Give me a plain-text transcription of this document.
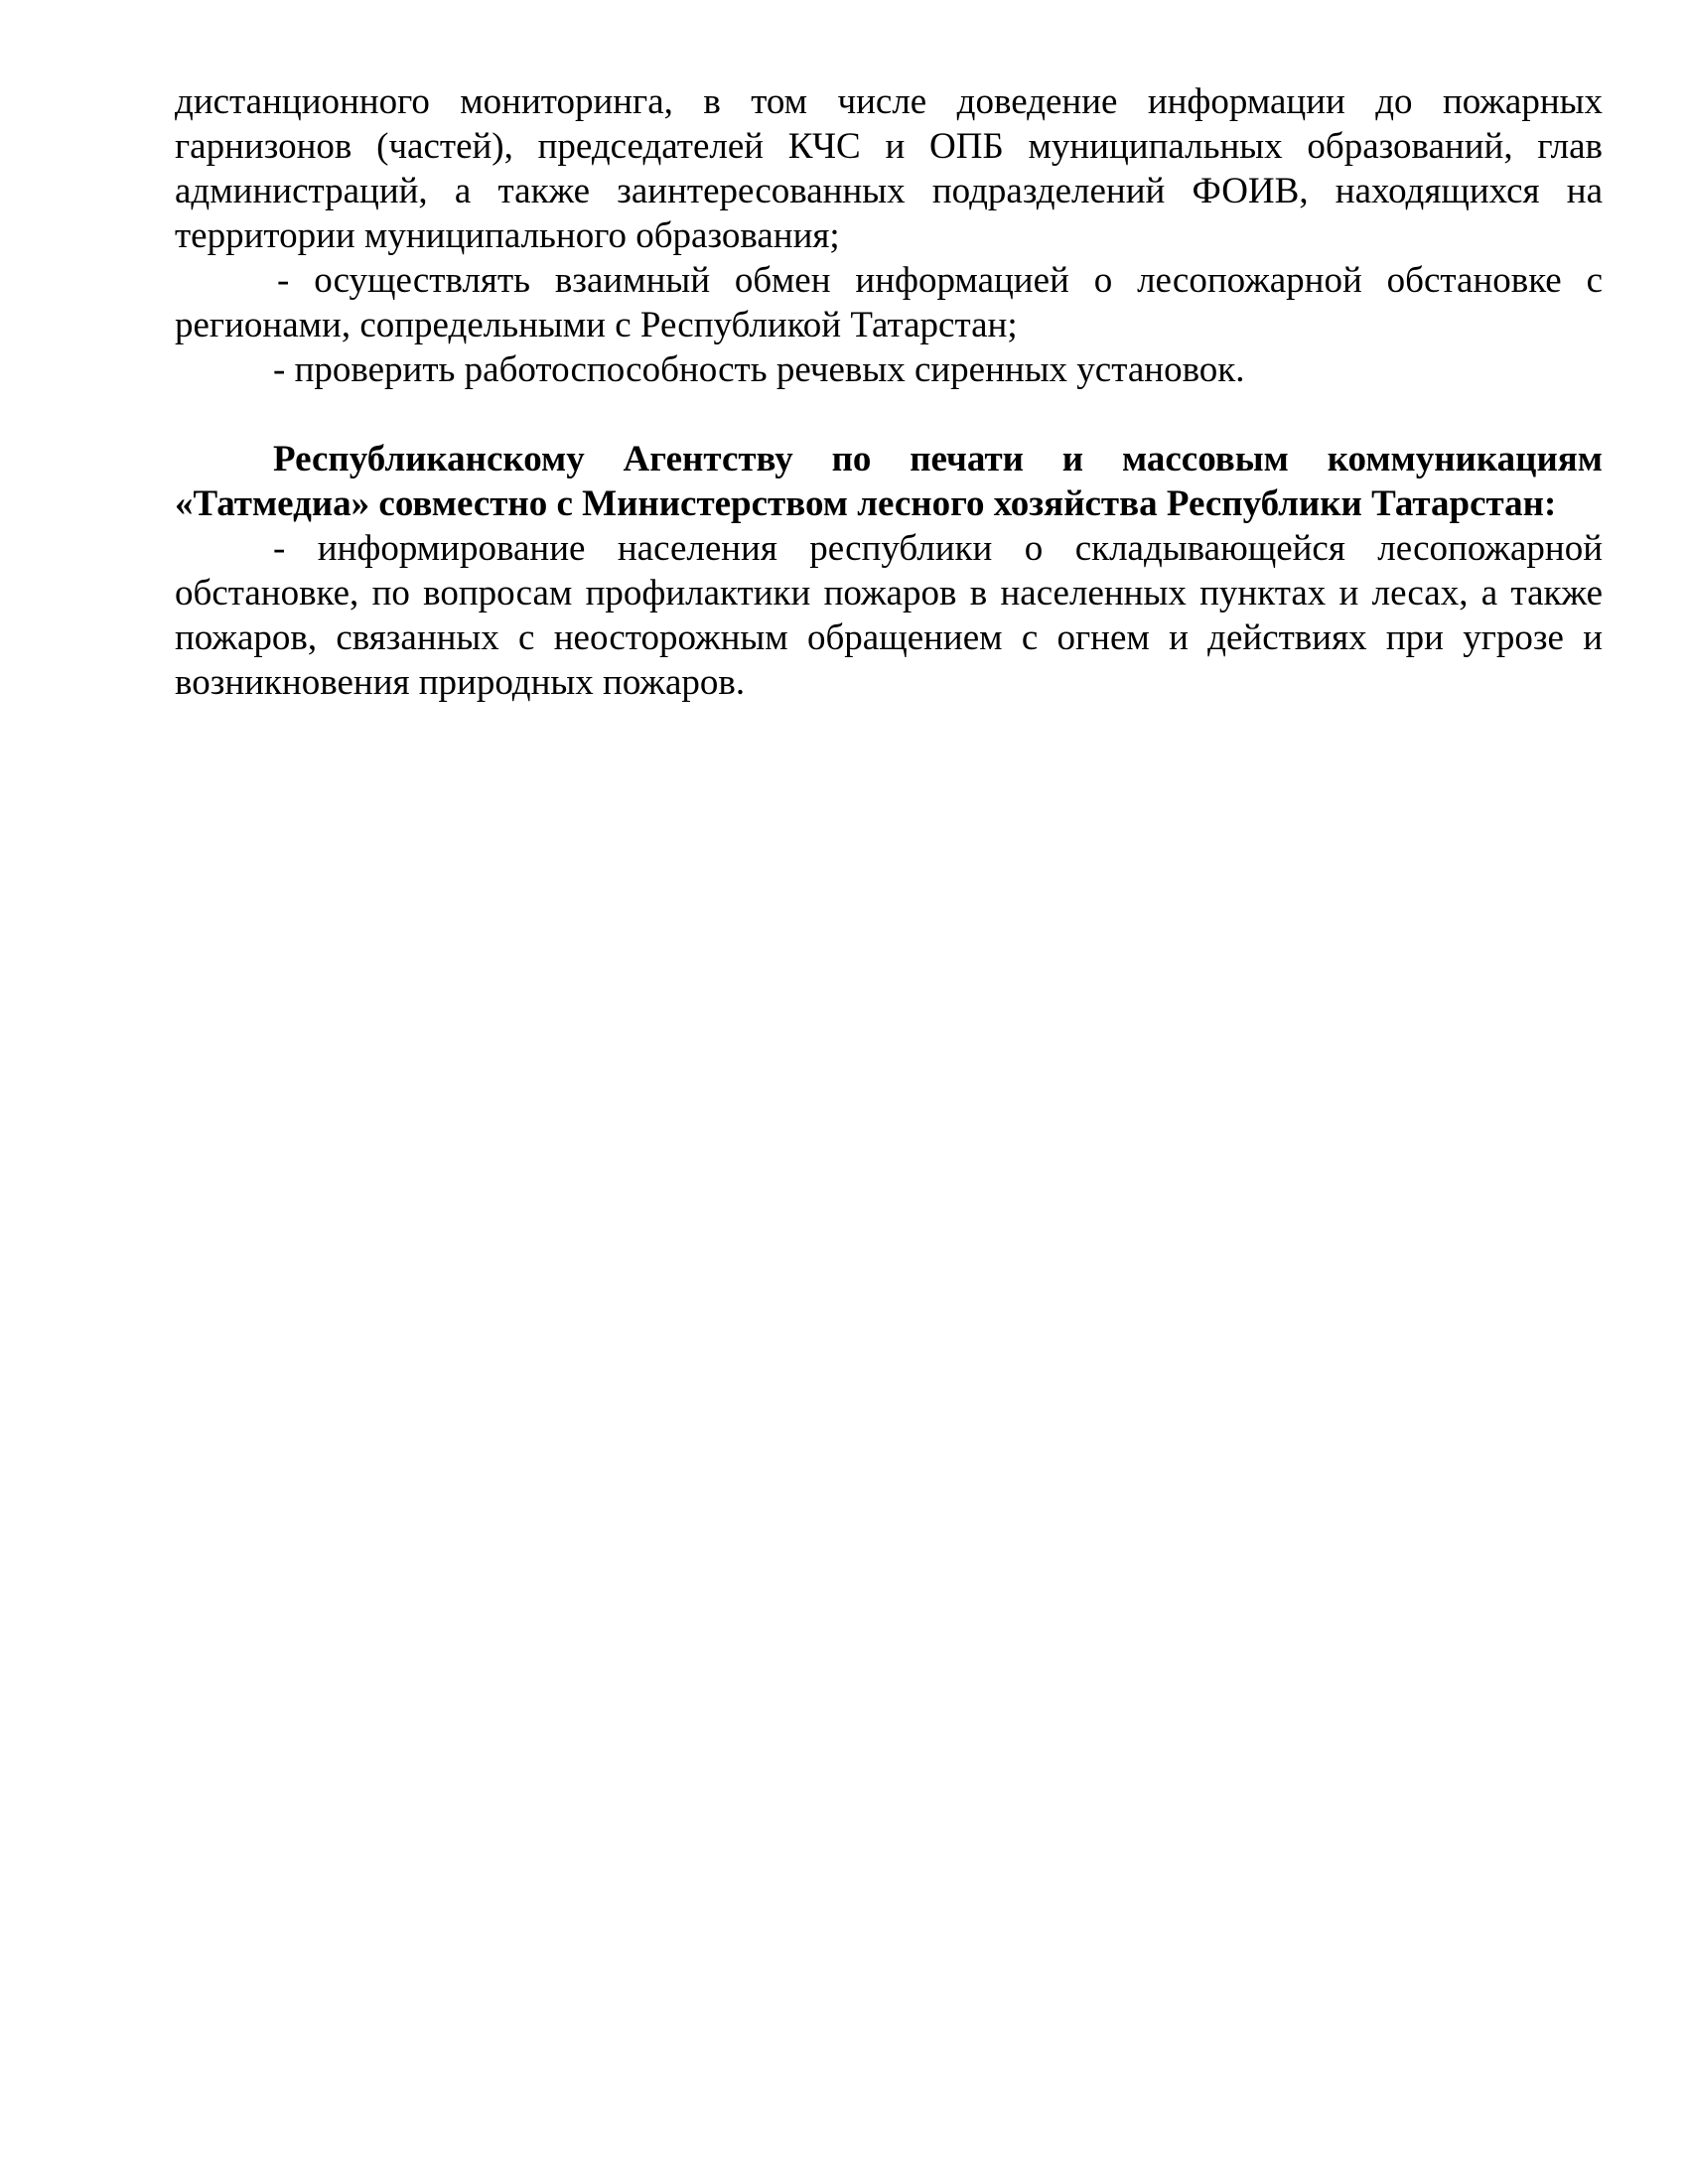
дистанционного мониторинга, в том числе доведение информации до пожарных гарнизонов (частей), председателей КЧС и ОПБ муниципальных образований, глав администраций, а также заинтересованных подразделений ФОИВ, находящихся на территории муниципального образования;

- осуществлять взаимный обмен информацией о лесопожарной обстановке с регионами, сопредельными с Республикой Татарстан;

- проверить работоспособность речевых сиренных установок.

Республиканскому Агентству по печати и массовым коммуникациям «Татмедиа» совместно с Министерством лесного хозяйства Республики Татарстан:

- информирование населения республики о складывающейся лесопожарной обстановке, по вопросам профилактики пожаров в населенных пунктах и лесах, а также пожаров, связанных с неосторожным обращением с огнем и действиях при угрозе и возникновения природных пожаров.
